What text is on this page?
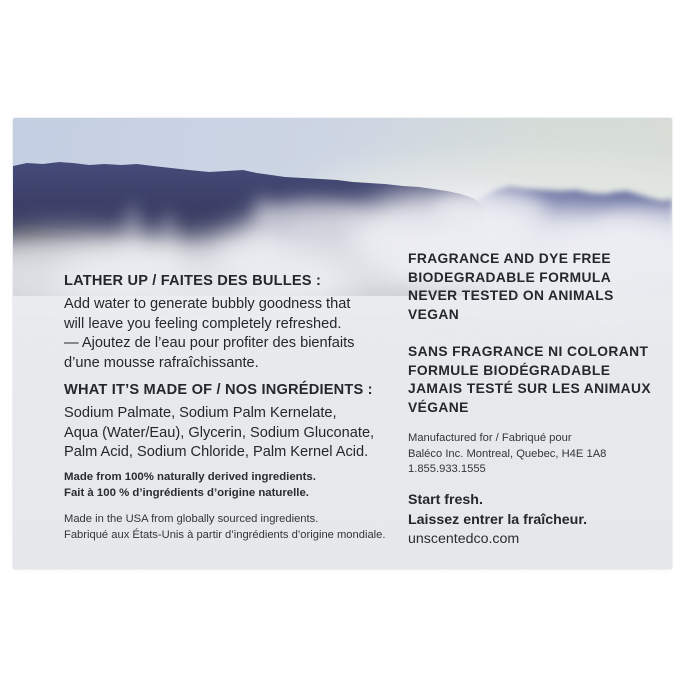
LATHER UP / FAITES DES BULLES :
Add water to generate bubbly goodness that
will leave you feeling completely refreshed.
— Ajoutez de l’eau pour profiter des bienfaits
d’une mousse rafraîchissante.
WHAT IT’S MADE OF / NOS INGRÉDIENTS :
Sodium Palmate, Sodium Palm Kernelate,
Aqua (Water/Eau), Glycerin, Sodium Gluconate,
Palm Acid, Sodium Chloride, Palm Kernel Acid.
Made from 100% naturally derived ingredients.
Fait à 100 % d’ingrédients d’origine naturelle.
Made in the USA from globally sourced ingredients.
Fabriqué aux États-Unis à partir d’ingrédients d’origine mondiale.
FRAGRANCE AND DYE FREE
BIODEGRADABLE FORMULA
NEVER TESTED ON ANIMALS
VEGAN
SANS FRAGRANCE NI COLORANT
FORMULE BIODÉGRADABLE
JAMAIS TESTÉ SUR LES ANIMAUX
VÉGANE
Manufactured for / Fabriqué pour
Baléco Inc. Montreal, Quebec, H4E 1A8
1.855.933.1555
Start fresh.
Laissez entrer la fraîcheur.
unscentedco.com
